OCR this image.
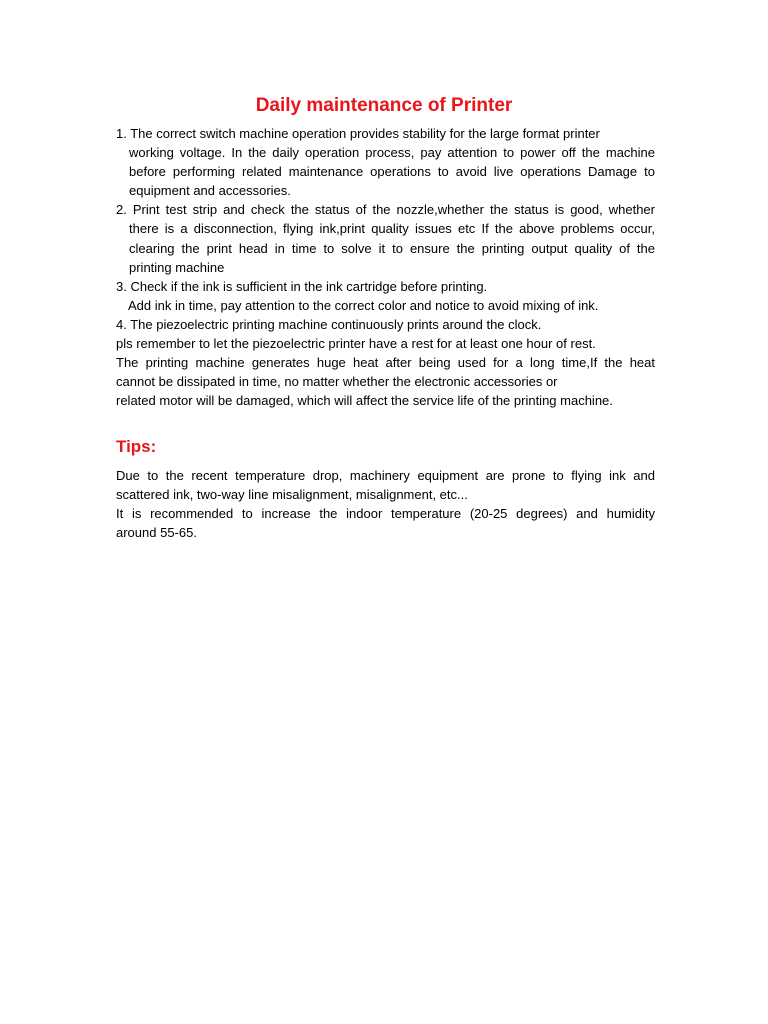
Daily maintenance of Printer

1. The correct switch machine operation provides stability for the large format printer

working voltage. In the daily operation process, pay attention to power off the machine

before performing related maintenance operations to avoid live operations Damage to

equipment and accessories.

2. Print test strip and check the status of the nozzle,whether the status is good, whether

there is a disconnection, flying ink,print quality issues etc If the above problems occur,

clearing the print head in time to solve it to ensure the printing output quality of the

printing machine

3. Check if the ink is sufficient in the ink cartridge before printing.

Add ink in time, pay attention to the correct color and notice to avoid mixing of ink.

4. The piezoelectric printing machine continuously prints around the clock.

pls remember to let the piezoelectric printer have a rest for at least one hour of rest.

The printing machine generates huge heat after being used for a long time,If the heat

cannot be dissipated in time, no matter whether the electronic accessories or

related motor will be damaged, which will affect the service life of the printing machine.

Tips:

Due to the recent temperature drop, machinery equipment are prone to flying ink and

scattered ink, two-way line misalignment, misalignment, etc...

It is recommended to increase the indoor temperature (20-25 degrees) and humidity

around 55-65.
